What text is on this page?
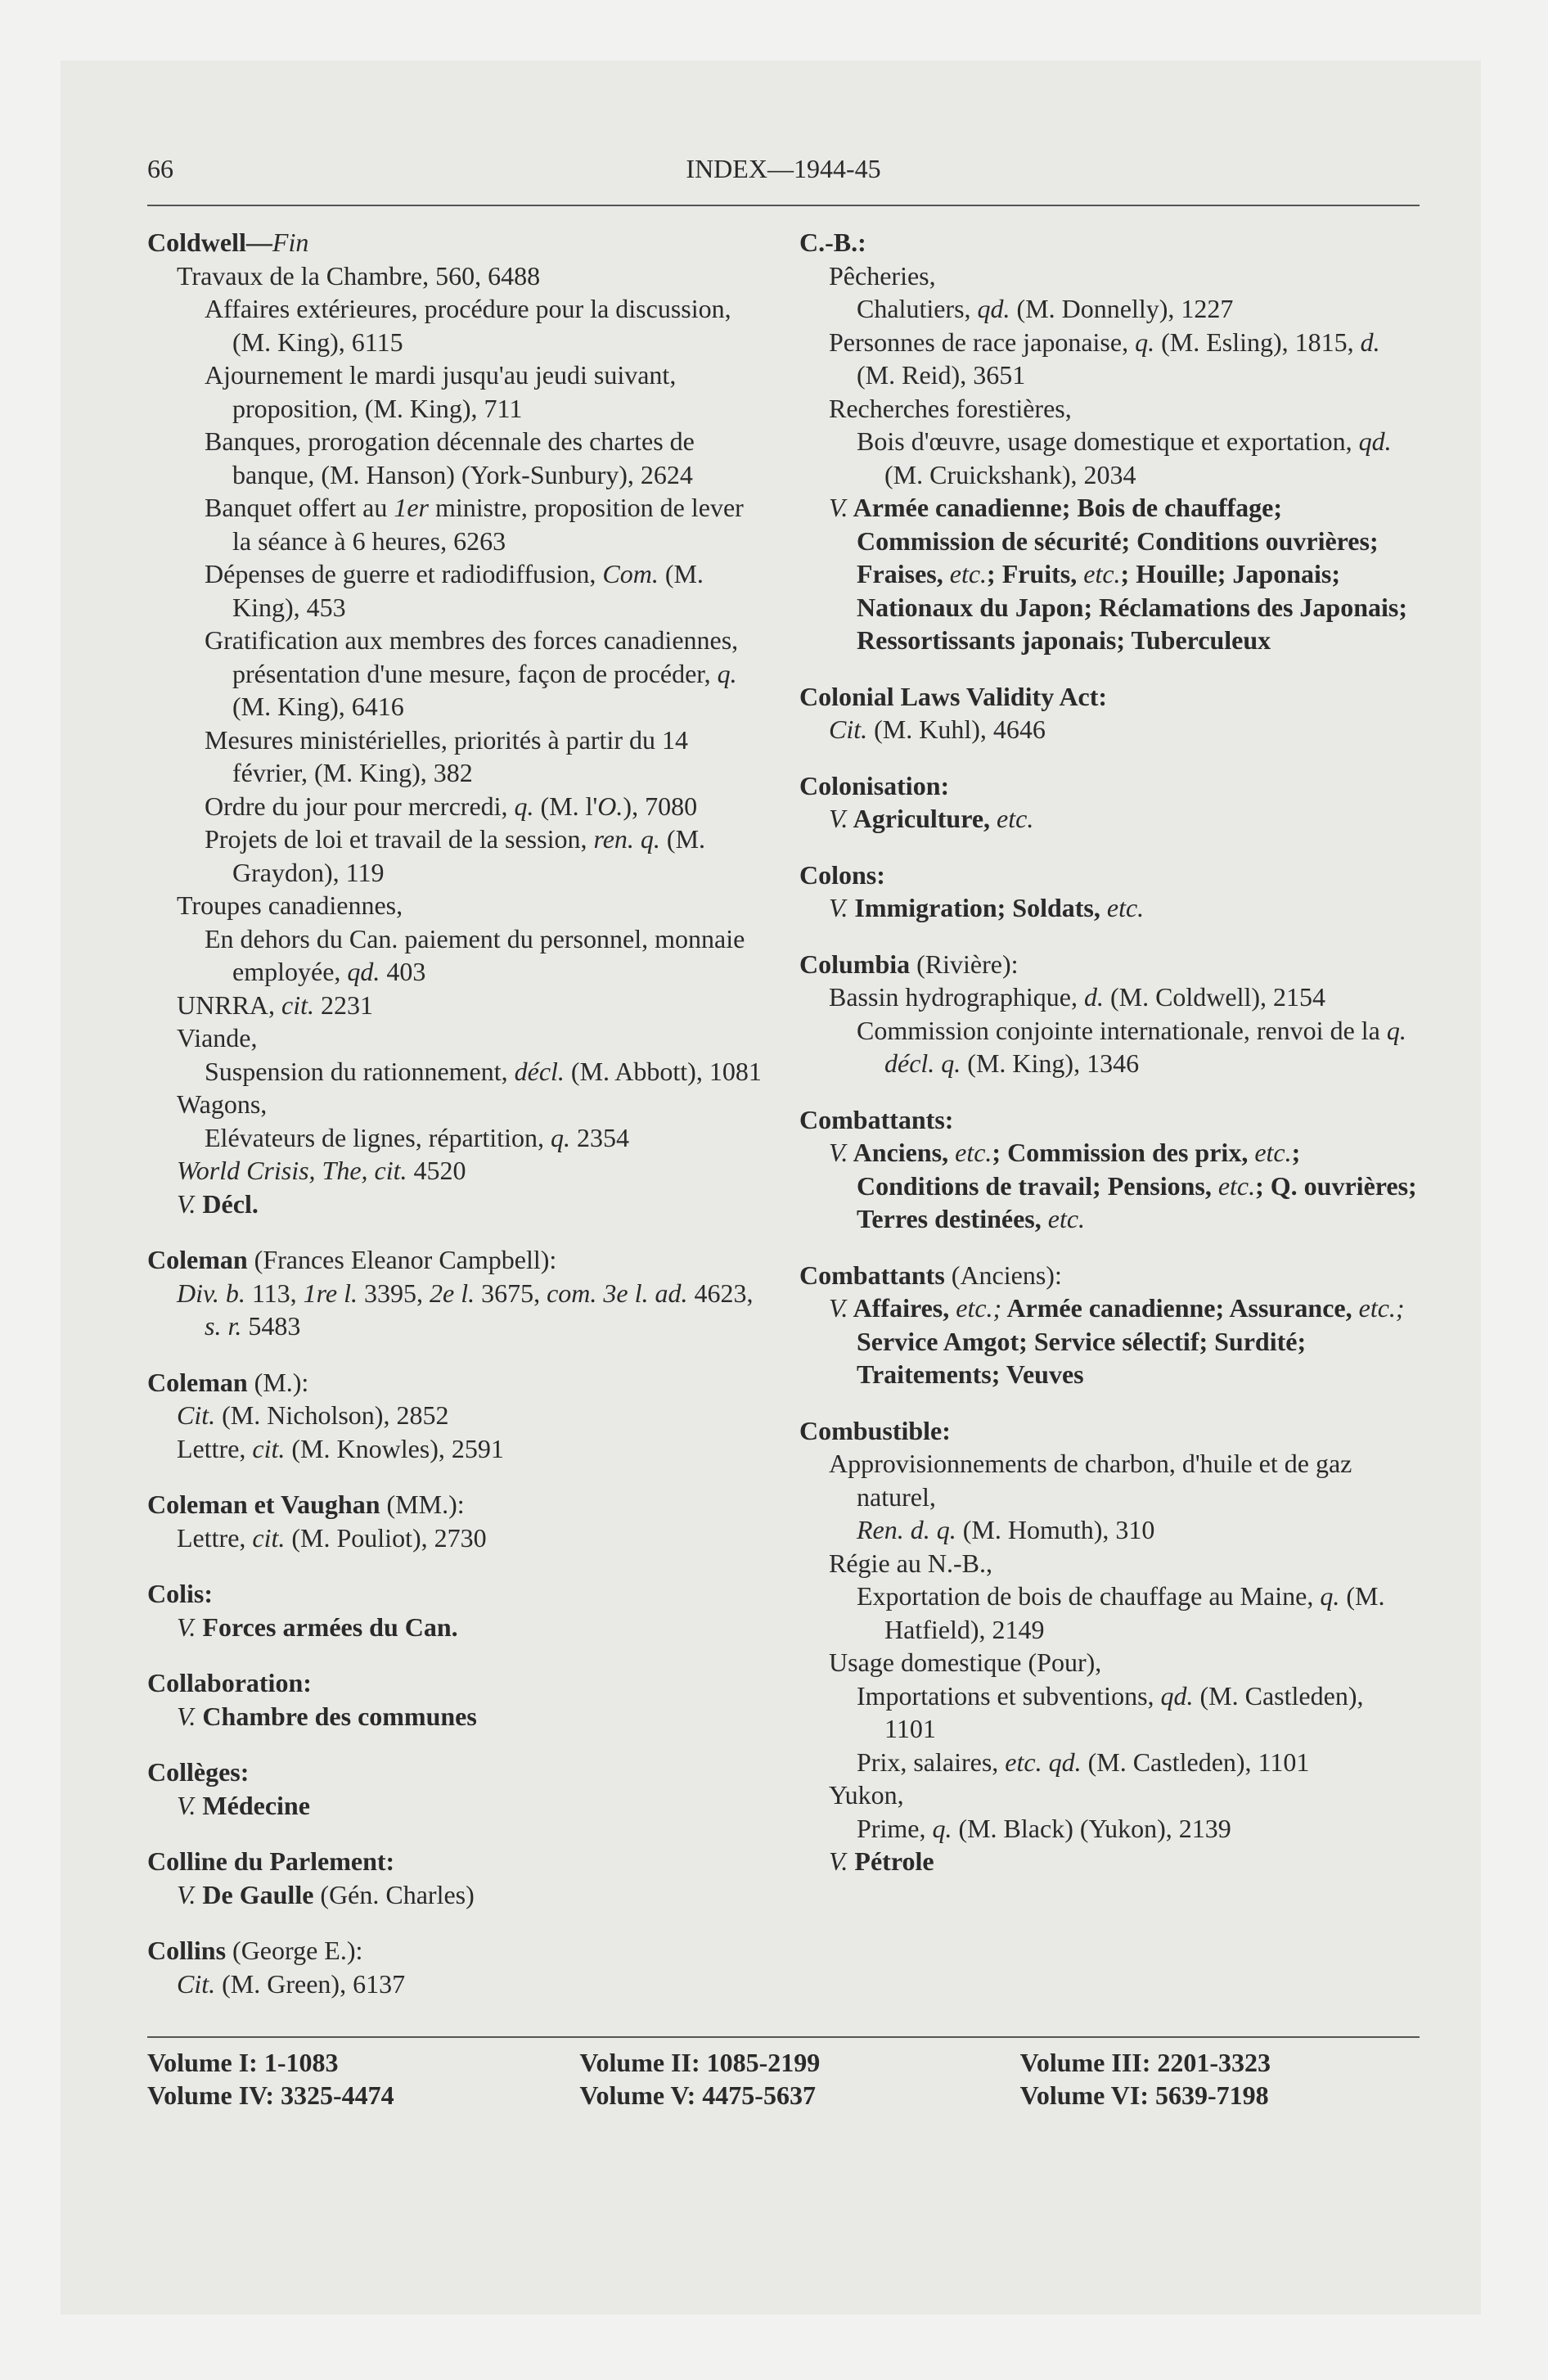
66	INDEX—1944-45
Coldwell—Fin
Travaux de la Chambre, 560, 6488
Affaires extérieures, procédure pour la discussion, (M. King), 6115
Ajournement le mardi jusqu'au jeudi suivant, proposition, (M. King), 711
Banques, prorogation décennale des chartes de banque, (M. Hanson) (York-Sunbury), 2624
Banquet offert au 1er ministre, proposition de lever la séance à 6 heures, 6263
Dépenses de guerre et radiodiffusion, Com. (M. King), 453
Gratification aux membres des forces canadiennes, présentation d'une mesure, façon de procéder, q. (M. King), 6416
Mesures ministérielles, priorités à partir du 14 février, (M. King), 382
Ordre du jour pour mercredi, q. (M. l'O.), 7080
Projets de loi et travail de la session, ren. q. (M. Graydon), 119
Troupes canadiennes,
En dehors du Can. paiement du personnel, monnaie employée, qd. 403
UNRRA, cit. 2231
Viande,
Suspension du rationnement, décl. (M. Abbott), 1081
Wagons,
Elévateurs de lignes, répartition, q. 2354
World Crisis, The, cit. 4520
V. Décl.
Coleman (Frances Eleanor Campbell):
Div. b. 113, 1re l. 3395, 2e l. 3675, com. 3e l. ad. 4623, s. r. 5483
Coleman (M.):
Cit. (M. Nicholson), 2852
Lettre, cit. (M. Knowles), 2591
Coleman et Vaughan (MM.):
Lettre, cit. (M. Pouliot), 2730
Colis:
V. Forces armées du Can.
Collaboration:
V. Chambre des communes
Collèges:
V. Médecine
Colline du Parlement:
V. De Gaulle (Gén. Charles)
Collins (George E.):
Cit. (M. Green), 6137
C.-B.:
Pêcheries,
Chalutiers, qd. (M. Donnelly), 1227
Personnes de race japonaise, q. (M. Esling), 1815, d. (M. Reid), 3651
Recherches forestières,
Bois d'œuvre, usage domestique et exportation, qd. (M. Cruickshank), 2034
V. Armée canadienne; Bois de chauffage; Commission de sécurité; Conditions ouvrières; Fraises, etc.; Fruits, etc.; Houille; Japonais; Nationaux du Japon; Réclamations des Japonais; Ressortissants japonais; Tuberculeux
Colonial Laws Validity Act:
Cit. (M. Kuhl), 4646
Colonisation:
V. Agriculture, etc.
Colons:
V. Immigration; Soldats, etc.
Columbia (Rivière):
Bassin hydrographique, d. (M. Coldwell), 2154
Commission conjointe internationale, renvoi de la q. décl. q. (M. King), 1346
Combattants:
V. Anciens, etc.; Commission des prix, etc.; Conditions de travail; Pensions, etc.; Q. ouvrières; Terres destinées, etc.
Combattants (Anciens):
V. Affaires, etc.; Armée canadienne; Assurance, etc.; Service Amgot; Service sélectif; Surdité; Traitements; Veuves
Combustible:
Approvisionnements de charbon, d'huile et de gaz naturel,
Ren. d. q. (M. Homuth), 310
Régie au N.-B.,
Exportation de bois de chauffage au Maine, q. (M. Hatfield), 2149
Usage domestique (Pour),
Importations et subventions, qd. (M. Castleden), 1101
Prix, salaires, etc. qd. (M. Castleden), 1101
Yukon,
Prime, q. (M. Black) (Yukon), 2139
V. Pétrole
Volume I: 1-1083
Volume IV: 3325-4474
Volume II: 1085-2199
Volume V: 4475-5637
Volume III: 2201-3323
Volume VI: 5639-7198
